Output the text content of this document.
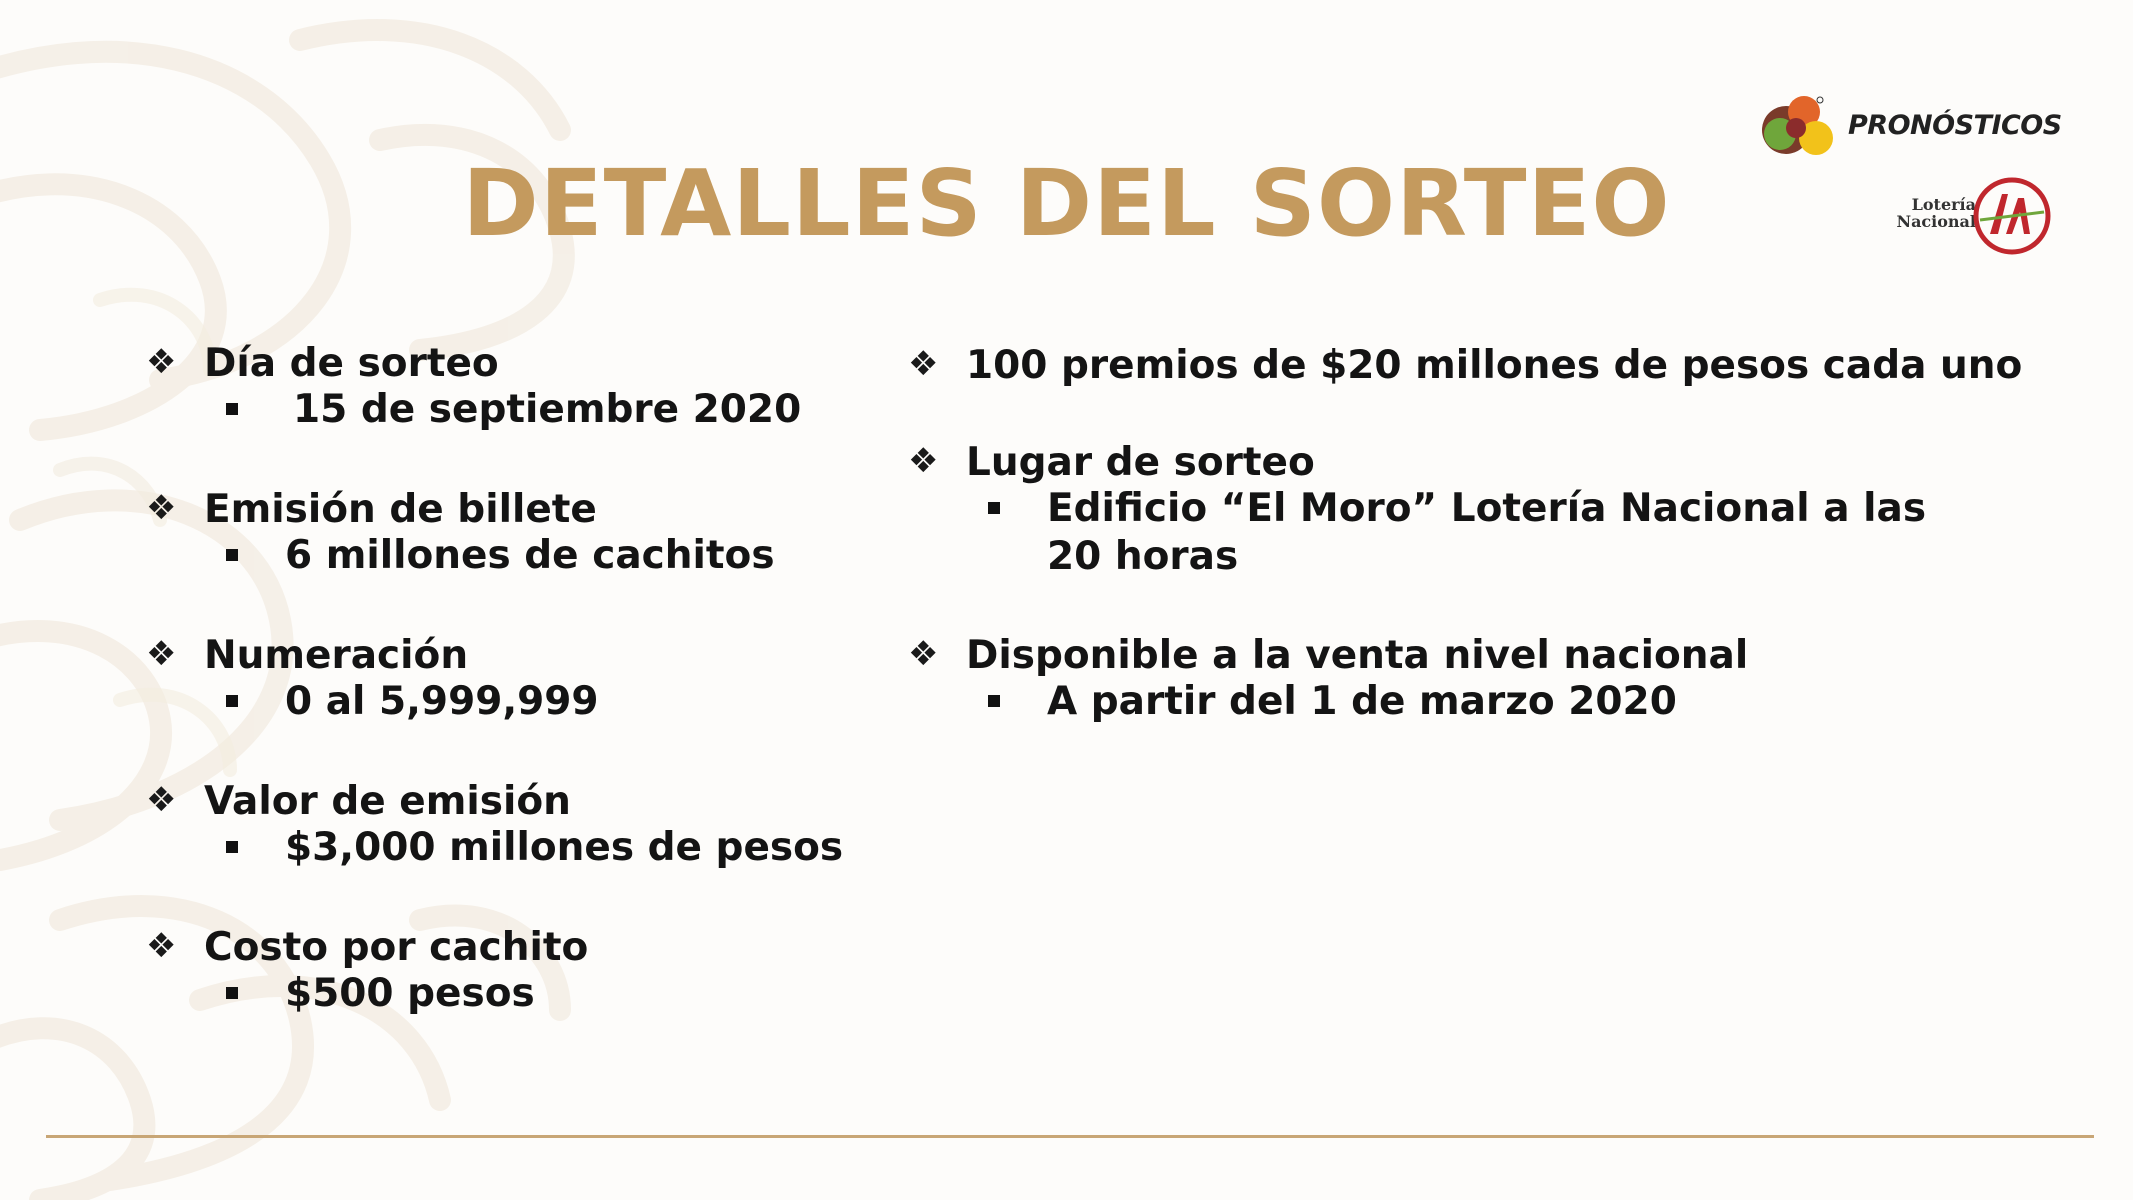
PRONÓSTICOS
Lotería
Nacional
DETALLES DEL SORTEO
❖ Día de sorteo
15 de septiembre 2020
❖ Emisión de billete
6 millones de cachitos
❖ Numeración
0 al 5,999,999
❖ Valor de emisión
$3,000 millones de pesos
❖ Costo por cachito
$500 pesos
❖ 100 premios de $20 millones de pesos cada uno
❖ Lugar de sorteo
Edificio “El Moro” Lotería Nacional a las 20 horas
❖ Disponible a la venta nivel nacional
A partir del 1 de marzo 2020
